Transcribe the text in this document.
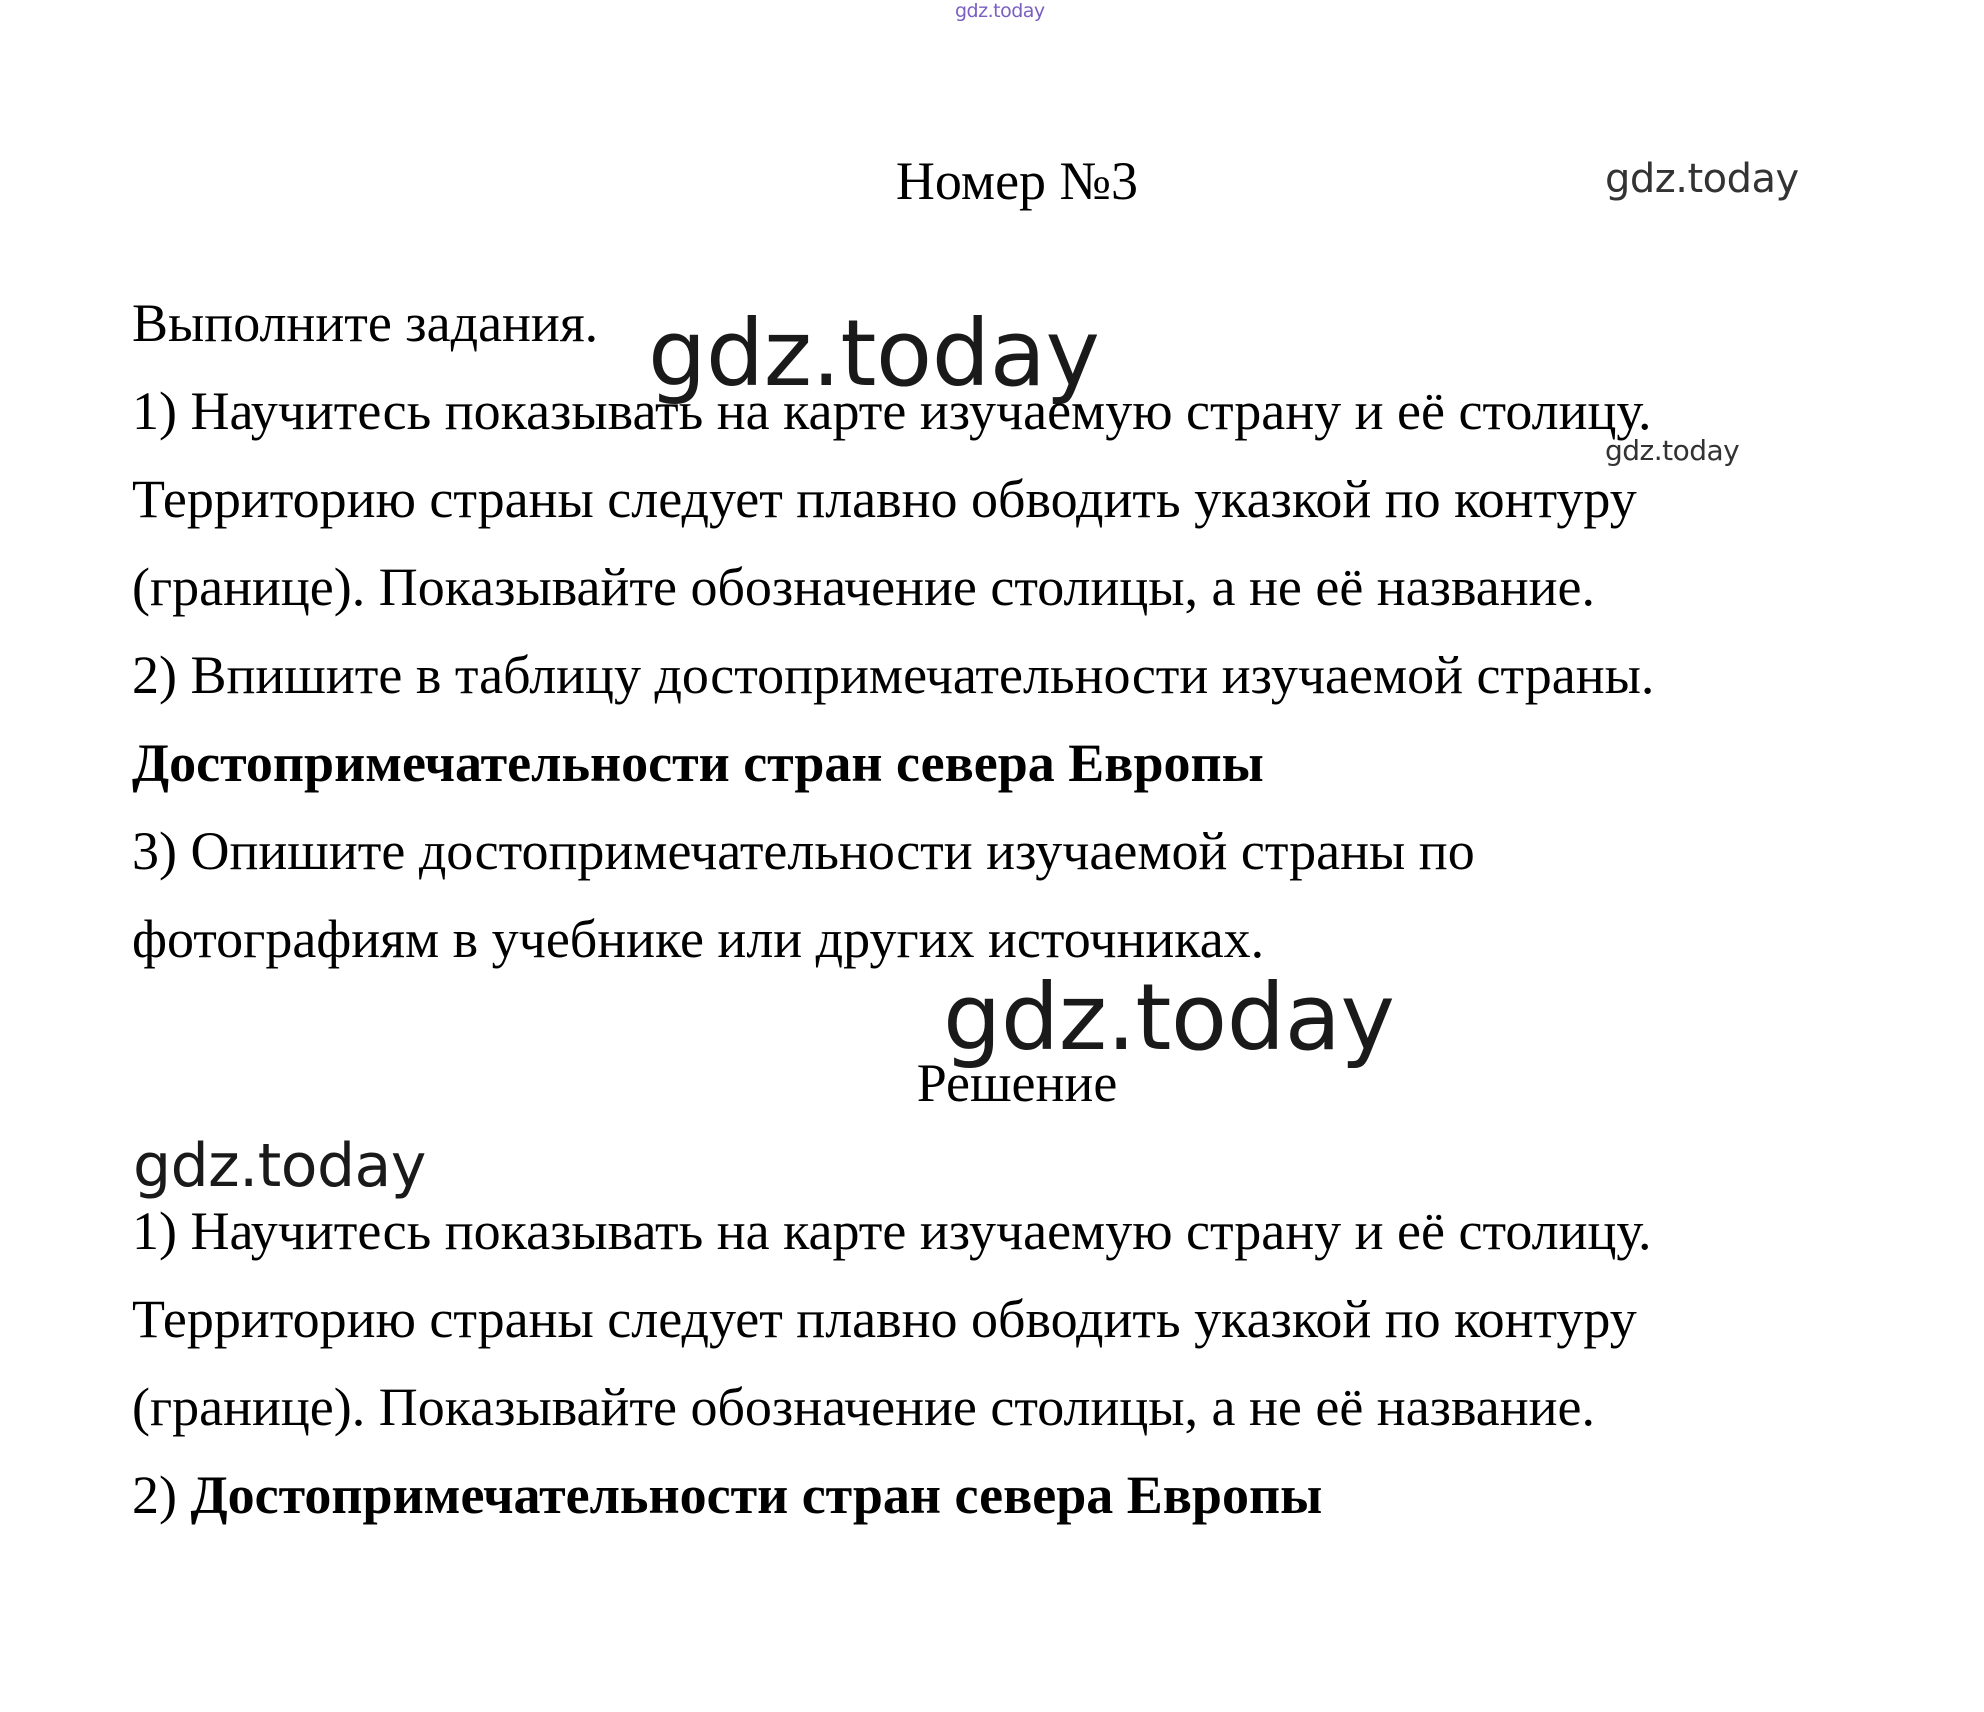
gdz.today
gdz.today
gdz.today
gdz.today
gdz.today
gdz.today
Номер №3
Выполните задания.
1) Научитесь показывать на карте изучаемую страну и её столицу.
Территорию страны следует плавно обводить указкой по контуру
(границе). Показывайте обозначение столицы, а не её название.
2) Впишите в таблицу достопримечательности изучаемой страны.
Достопримечательности стран севера Европы
3) Опишите достопримечательности изучаемой страны по
фотографиям в учебнике или других источниках.
Решение
1) Научитесь показывать на карте изучаемую страну и её столицу.
Территорию страны следует плавно обводить указкой по контуру
(границе). Показывайте обозначение столицы, а не её название.
2) Достопримечательности стран севера Европы
